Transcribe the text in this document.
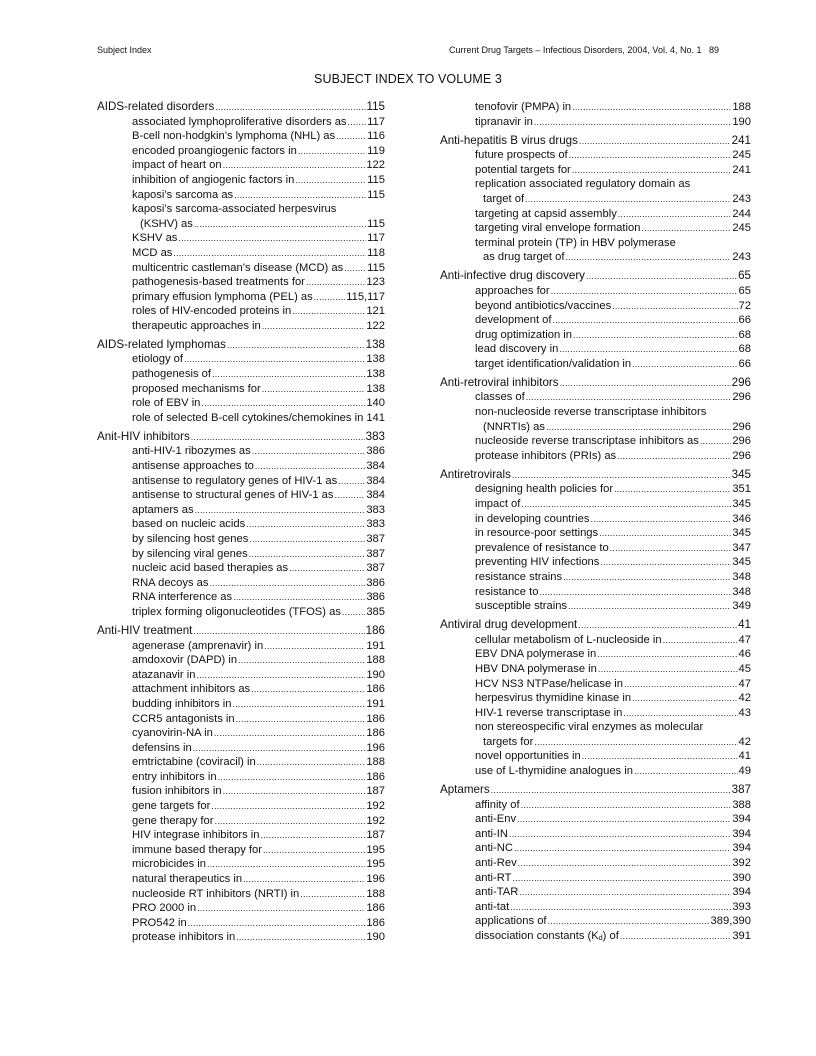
Subject Index	Current Drug Targets – Infectious Disorders, 2004, Vol. 4, No. 1 89
SUBJECT INDEX TO VOLUME 3
AIDS-related disorders .....	115
associated lymphoproliferative disorders as ..... 117
B-cell non-hodgkin’s lymphoma (NHL) as .....	116
encoded proangiogenic factors in .....	119
impact of heart on .....	122
inhibition of angiogenic factors in .....	115
kaposi’s sarcoma as .....	115
kaposi’s sarcoma-associated herpesvirus
(KSHV) as .....	115
KSHV as .....	117
MCD as .....	118
multicentric castleman’s disease (MCD) as ..... 115
pathogenesis-based treatments for .....	123
primary effusion lymphoma (PEL) as .....	115,117
roles of HIV-encoded proteins in .....	121
therapeutic approaches in .....	122
AIDS-related lymphomas .....	138
etiology of .....	138
pathogenesis of .....	138
proposed mechanisms for .....	138
role of EBV in .....	140
role of selected B-cell cytokines/chemokines in ..... 141
Anit-HIV inhibitors .....	383
anti-HIV-1 ribozymes as .....	386
antisense approaches to .....	384
antisense to regulatory genes of HIV-1 as .....	384
antisense to structural genes of HIV-1 as .....	384
aptamers as .....	383
based on nucleic acids .....	383
by silencing host genes .....	387
by silencing viral genes .....	387
nucleic acid based therapies as .....	387
RNA decoys as .....	386
RNA interference as .....	386
triplex forming oligonucleotides (TFOS) as ..... 385
Anti-HIV treatment .....	186
agenerase (amprenavir) in .....	191
amdoxovir (DAPD) in .....	188
atazanavir in .....	190
attachment inhibitors as .....	186
budding inhibitors in .....	191
CCR5 antagonists in .....	186
cyanovirin-NA in .....	186
defensins in .....	196
emtrictabine (coviracil) in .....	188
entry inhibitors in .....	186
fusion inhibitors in .....	187
gene targets for .....	192
gene therapy for .....	192
HIV integrase inhibitors in .....	187
immune based therapy for .....	195
microbicides in .....	195
natural therapeutics in .....	196
nucleoside RT inhibitors (NRTI) in .....	188
PRO 2000 in .....	186
PRO542 in .....	186
protease inhibitors in .....	190
tenofovir (PMPA) in .....	188
tipranavir in .....	190
Anti-hepatitis B virus drugs .....	241
future prospects of .....	245
potential targets for .....	241
replication associated regulatory domain as
target of .....	243
targeting at capsid assembly .....	244
targeting viral envelope formation .....	245
terminal protein (TP) in HBV polymerase
as drug target of .....	243
Anti-infective drug discovery .....	65
approaches for .....	65
beyond antibiotics/vaccines .....	72
development of .....	66
drug optimization in .....	68
lead discovery in .....	68
target identification/validation in .....	66
Anti-retroviral inhibitors .....	296
classes of .....	296
non-nucleoside reverse transcriptase inhibitors
(NNRTIs) as .....	296
nucleoside reverse transcriptase inhibitors as .....	296
protease inhibitors (PRIs) as .....	296
Antiretrovirals .....	345
designing health policies for .....	351
impact of .....	345
in developing countries .....	346
in resource-poor settings .....	345
prevalence of resistance to .....	347
preventing HIV infections .....	345
resistance strains .....	348
resistance to .....	348
susceptible strains .....	349
Antiviral drug development .....	41
cellular metabolism of L-nucleoside in .....	47
EBV DNA polymerase in .....	46
HBV DNA polymerase in .....	45
HCV NS3 NTPase/helicase in .....	47
herpesvirus thymidine kinase in .....	42
HIV-1 reverse transcriptase in .....	43
non stereospecific viral enzymes as molecular
targets for .....	42
novel opportunities in .....	41
use of L-thymidine analogues in .....	49
Aptamers .....	387
affinity of .....	388
anti-Env .....	394
anti-IN .....	394
anti-NC .....	394
anti-Rev .....	392
anti-RT .....	390
anti-TAR .....	394
anti-tat .....	393
applications of .....	389,390
dissociation constants $(K_d)$ of .....	391
